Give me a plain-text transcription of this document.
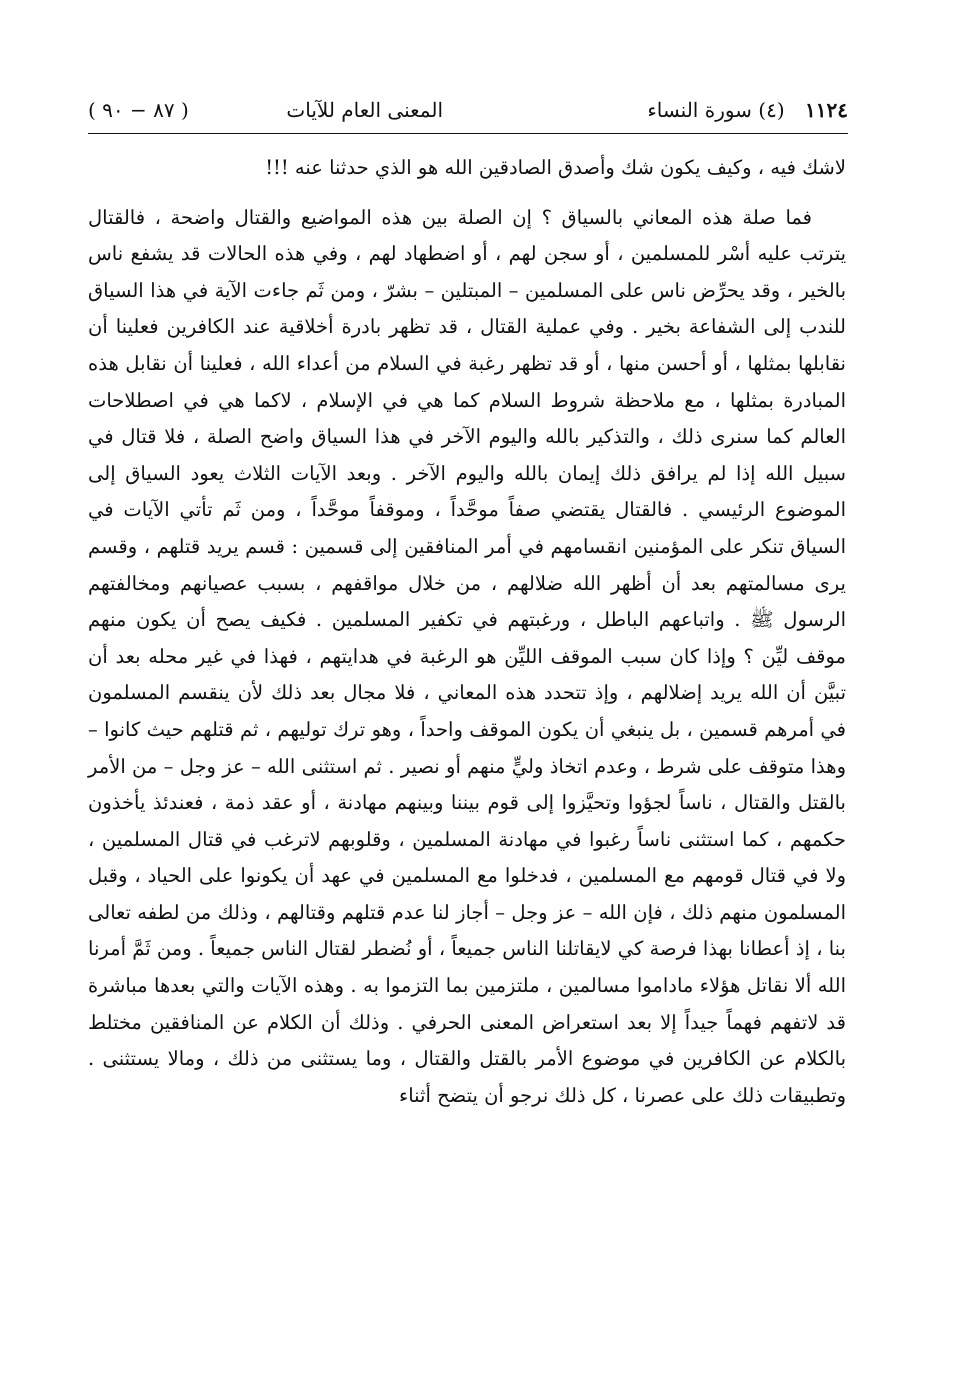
١١٢٤ (٤) سورة النساء
المعنى العام للآيات
( ٨٧ − ٩٠ )

لاشك فيه ، وكيف يكون شك وأصدق الصادقين الله هو الذي حدثنا عنه !!!

فما صلة هذه المعاني بالسياق ؟ إن الصلة بين هذه المواضيع والقتال واضحة ، فالقتال يترتب عليه أسْر للمسلمين ، أو سجن لهم ، أو اضطهاد لهم ، وفي هذه الحالات قد يشفع ناس بالخير ، وقد يحرِّض ناس على المسلمين – المبتلين – بشرّ ، ومن ثَم جاءت الآية في هذا السياق للندب إلى الشفاعة بخير . وفي عملية القتال ، قد تظهر بادرة أخلاقية عند الكافرين فعلينا أن نقابلها بمثلها ، أو أحسن منها ، أو قد تظهر رغبة في السلام من أعداء الله ، فعلينا أن نقابل هذه المبادرة بمثلها ، مع ملاحظة شروط السلام كما هي في الإسلام ، لاكما هي في اصطلاحات العالم كما سنرى ذلك ، والتذكير بالله واليوم الآخر في هذا السياق واضح الصلة ، فلا قتال في سبيل الله إذا لم يرافق ذلك إيمان بالله واليوم الآخر . وبعد الآيات الثلاث يعود السياق إلى الموضوع الرئيسي . فالقتال يقتضي صفاً موحَّداً ، وموقفاً موحَّداً ، ومن ثَم تأتي الآيات في السياق تنكر على المؤمنين انقسامهم في أمر المنافقين إلى قسمين : قسم يريد قتلهم ، وقسم يرى مسالمتهم بعد أن أظهر الله ضلالهم ، من خلال مواقفهم ، بسبب عصيانهم ومخالفتهم الرسول ﷺ . واتباعهم الباطل ، ورغبتهم في تكفير المسلمين . فكيف يصح أن يكون منهم موقف ليِّن ؟ وإذا كان سبب الموقف الليِّن هو الرغبة في هدايتهم ، فهذا في غير محله بعد أن تبيَّن أن الله يريد إضلالهم ، وإذ تتحدد هذه المعاني ، فلا مجال بعد ذلك لأن ينقسم المسلمون في أمرهم قسمين ، بل ينبغي أن يكون الموقف واحداً ، وهو ترك توليهم ، ثم قتلهم حيث كانوا – وهذا متوقف على شرط ، وعدم اتخاذ وليٍّ منهم أو نصير . ثم استثنى الله – عز وجل – من الأمر بالقتل والقتال ، ناساً لجؤوا وتحيَّزوا إلى قوم بيننا وبينهم مهادنة ، أو عقد ذمة ، فعندئذ يأخذون حكمهم ، كما استثنى ناساً رغبوا في مهادنة المسلمين ، وقلوبهم لاترغب في قتال المسلمين ، ولا في قتال قومهم مع المسلمين ، فدخلوا مع المسلمين في عهد أن يكونوا على الحياد ، وقبل المسلمون منهم ذلك ، فإن الله – عز وجل – أجاز لنا عدم قتلهم وقتالهم ، وذلك من لطفه تعالى بنا ، إذ أعطانا بهذا فرصة كي لايقاتلنا الناس جميعاً ، أو نُضطر لقتال الناس جميعاً . ومن ثَمَّ أمرنا الله ألا نقاتل هؤلاء ماداموا مسالمين ، ملتزمين بما التزموا به . وهذه الآيات والتي بعدها مباشرة قد لاتفهم فهماً جيداً إلا بعد استعراض المعنى الحرفي . وذلك أن الكلام عن المنافقين مختلط بالكلام عن الكافرين في موضوع الأمر بالقتل والقتال ، وما يستثنى من ذلك ، ومالا يستثنى . وتطبيقات ذلك على عصرنا ، كل ذلك نرجو أن يتضح أثناء
